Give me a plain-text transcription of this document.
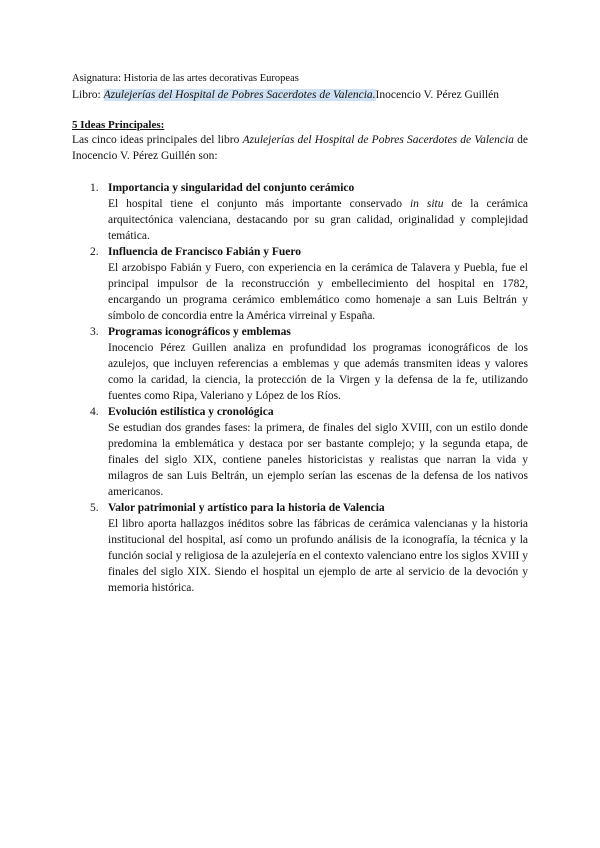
Asignatura: Historia de las artes decorativas Europeas
Libro: Azulejerías del Hospital de Pobres Sacerdotes de Valencia.Inocencio V. Pérez Guillén
5 Ideas Principales:
Las cinco ideas principales del libro Azulejerías del Hospital de Pobres Sacerdotes de Valencia de Inocencio V. Pérez Guillén son:
1. Importancia y singularidad del conjunto cerámico
El hospital tiene el conjunto más importante conservado in situ de la cerámica arquitectónica valenciana, destacando por su gran calidad, originalidad y complejidad temática.
2. Influencia de Francisco Fabián y Fuero
El arzobispo Fabián y Fuero, con experiencia en la cerámica de Talavera y Puebla, fue el principal impulsor de la reconstrucción y embellecimiento del hospital en 1782, encargando un programa cerámico emblemático como homenaje a san Luis Beltrán y símbolo de concordia entre la América virreinal y España.
3. Programas iconográficos y emblemas
Inocencio Pérez Guillen analiza en profundidad los programas iconográficos de los azulejos, que incluyen referencias a emblemas y que además transmiten ideas y valores como la caridad, la ciencia, la protección de la Virgen y la defensa de la fe, utilizando fuentes como Ripa, Valeriano y López de los Ríos.
4. Evolución estilística y cronológica
Se estudian dos grandes fases: la primera, de finales del siglo XVIII, con un estilo donde predomina la emblemática y destaca por ser bastante complejo; y la segunda etapa, de finales del siglo XIX, contiene paneles historicistas y realistas que narran la vida y milagros de san Luis Beltrán, un ejemplo serían las escenas de la defensa de los nativos americanos.
5. Valor patrimonial y artístico para la historia de Valencia
El libro aporta hallazgos inéditos sobre las fábricas de cerámica valencianas y la historia institucional del hospital, así como un profundo análisis de la iconografía, la técnica y la función social y religiosa de la azulejería en el contexto valenciano entre los siglos XVIII y finales del siglo XIX. Siendo el hospital un ejemplo de arte al servicio de la devoción y memoria histórica.
